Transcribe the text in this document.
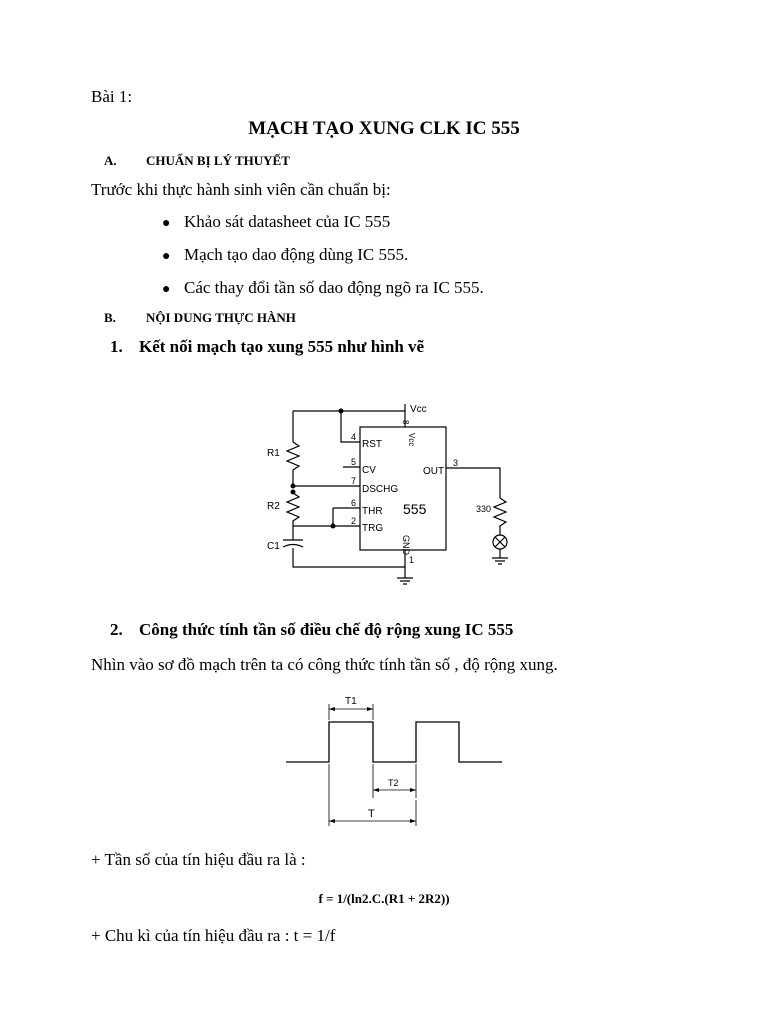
Bài 1:
MẠCH TẠO XUNG CLK IC 555
A. CHUẨN BỊ LÝ THUYẾT
Trước khi thực hành sinh viên cần chuẩn bị:
● Khảo sát datasheet của IC 555
● Mạch tạo dao động dùng IC 555.
● Các thay đổi tần số dao động ngõ ra IC 555.
B. NỘI DUNG THỰC HÀNH
1. Kết nối mạch tạo xung 555 như hình vẽ
Vcc
8
Vcc
555
GND
1
4
RST
5
CV
7
DSCHG
6
THR
2
TRG
3
OUT
R1
R2
C1
330
2. Công thức tính tần số điều chế độ rộng xung IC 555
Nhìn vào sơ đồ mạch trên ta có công thức tính tần số , độ rộng xung.
T1
T2
T
+ Tần số của tín hiệu đầu ra là :
f = 1/(ln2.C.(R1 + 2R2))
+ Chu kì của tín hiệu đầu ra : t = 1/f
